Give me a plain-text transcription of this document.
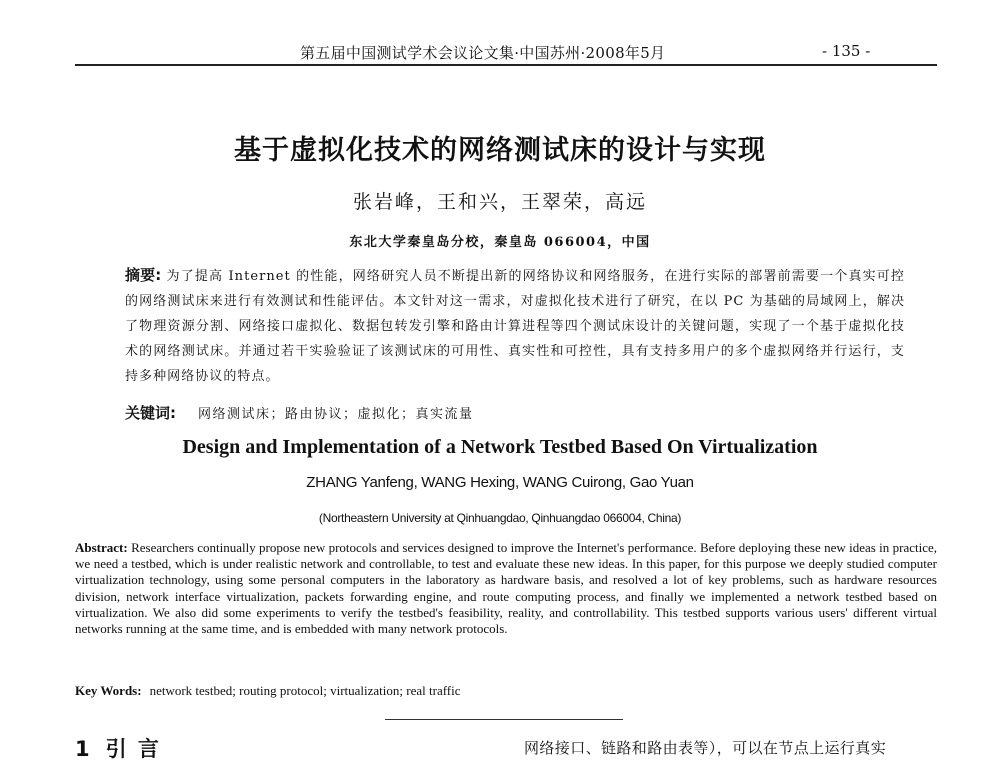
第五届中国测试学术会议论文集·中国苏州·2008年5月	- 135 -
基于虚拟化技术的网络测试床的设计与实现
张岩峰，王和兴，王翠荣，高远
东北大学秦皇岛分校，秦皇岛 066004，中国
摘要: 为了提高 Internet 的性能，网络研究人员不断提出新的网络协议和网络服务，在进行实际的部署前需要一个真实可控的网络测试床来进行有效测试和性能评估。本文针对这一需求，对虚拟化技术进行了研究，在以 PC 为基础的局域网上，解决了物理资源分割、网络接口虚拟化、数据包转发引擎和路由计算进程等四个测试床设计的关键问题，实现了一个基于虚拟化技术的网络测试床。并通过若干实验验证了该测试床的可用性、真实性和可控性，具有支持多用户的多个虚拟网络并行运行，支持多种网络协议的特点。
关键词: 网络测试床；路由协议；虚拟化；真实流量
Design and Implementation of a Network Testbed Based On Virtualization
ZHANG Yanfeng, WANG Hexing, WANG Cuirong, Gao Yuan
(Northeastern University at Qinhuangdao, Qinhuangdao 066004, China)
Abstract: Researchers continually propose new protocols and services designed to improve the Internet's performance. Before deploying these new ideas in practice, we need a testbed, which is under realistic network and controllable, to test and evaluate these new ideas. In this paper, for this purpose we deeply studied computer virtualization technology, using some personal computers in the laboratory as hardware basis, and resolved a lot of key problems, such as hardware resources division, network interface virtualization, packets forwarding engine, and route computing process, and finally we implemented a network testbed based on virtualization. We also did some experiments to verify the testbed's feasibility, reality, and controllability. This testbed supports various users' different virtual networks running at the same time, and is embedded with many network protocols.
Key Words: network testbed; routing protocol; virtualization; real traffic
1 引 言	网络接口、链路和路由表等），可以在节点上运行真实
